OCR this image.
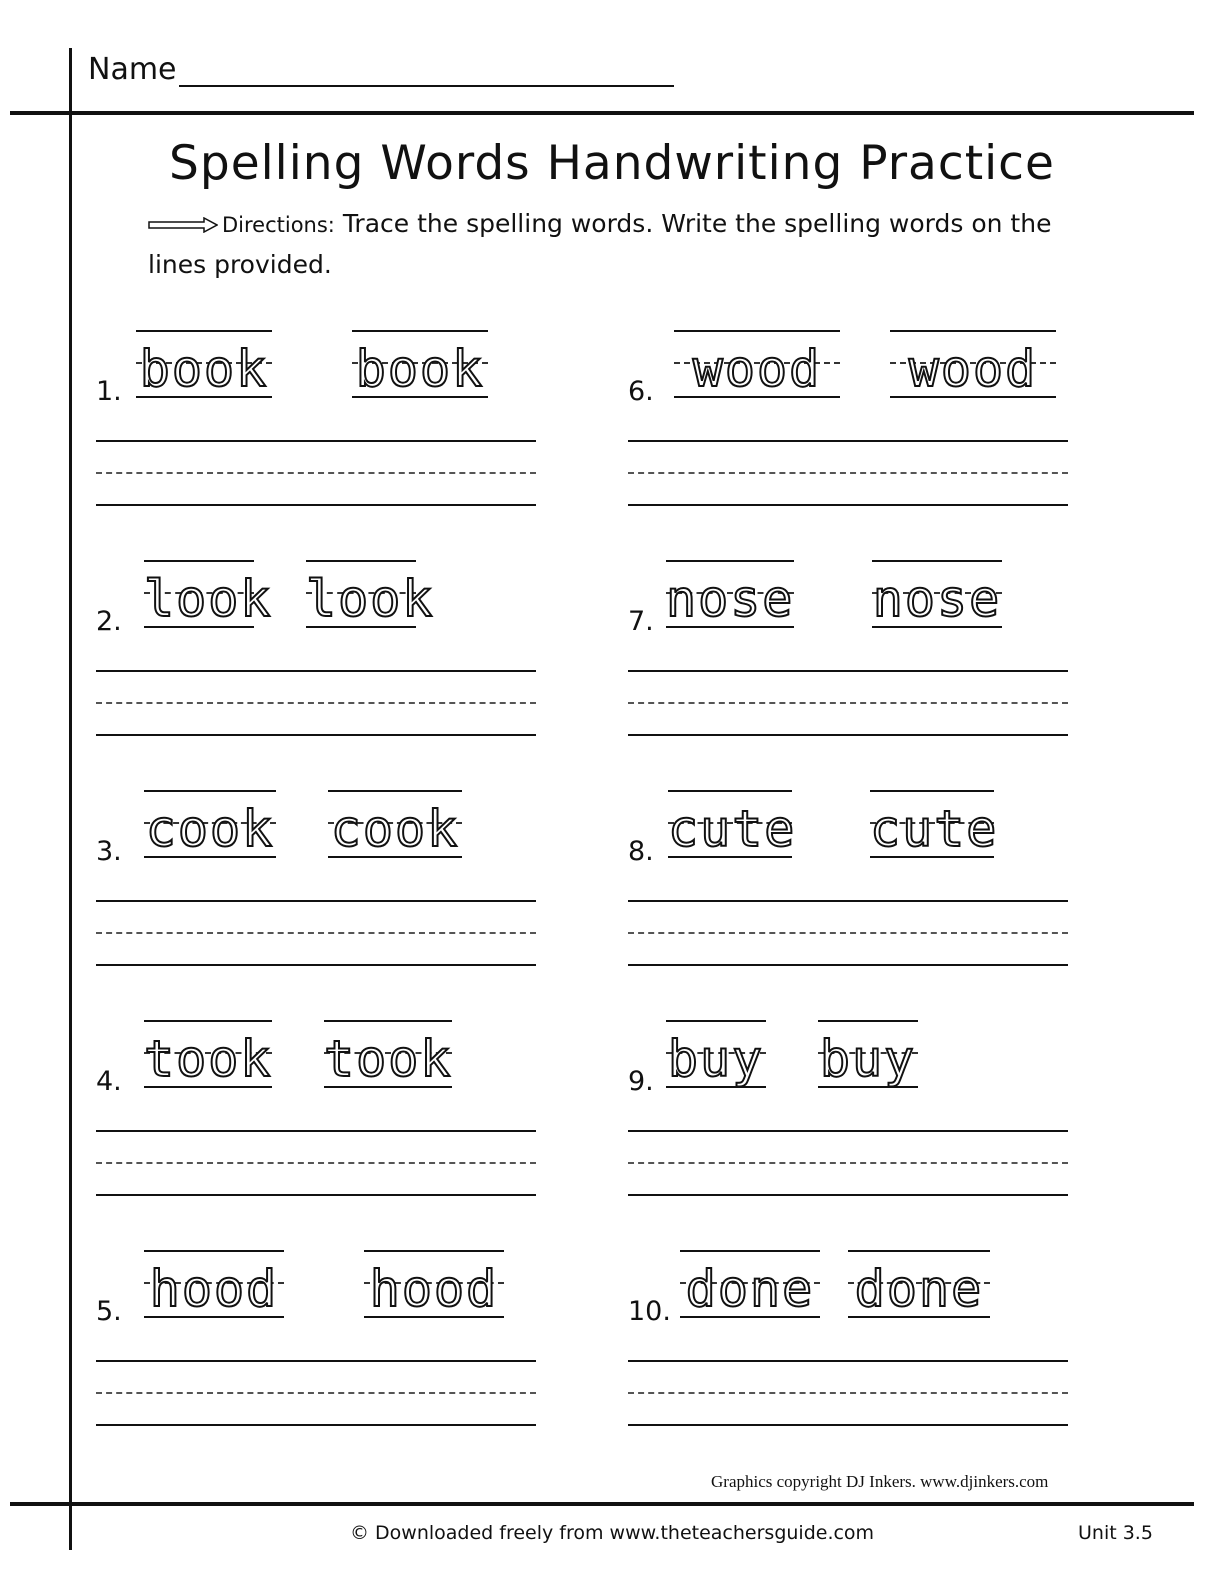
Name
Spelling Words Handwriting Practice
Directions: Trace the spelling words. Write the spelling words on the lines provided.
1. book book
2. look look
3. cook cook
4. took took
5. hood hood
6. wood	wood
7. nose nose
8. cute cute
9. buy buy
10. done done
Graphics copyright DJ Inkers. www.djinkers.com
© Downloaded freely from www.theteachersguide.com	Unit 3.5
